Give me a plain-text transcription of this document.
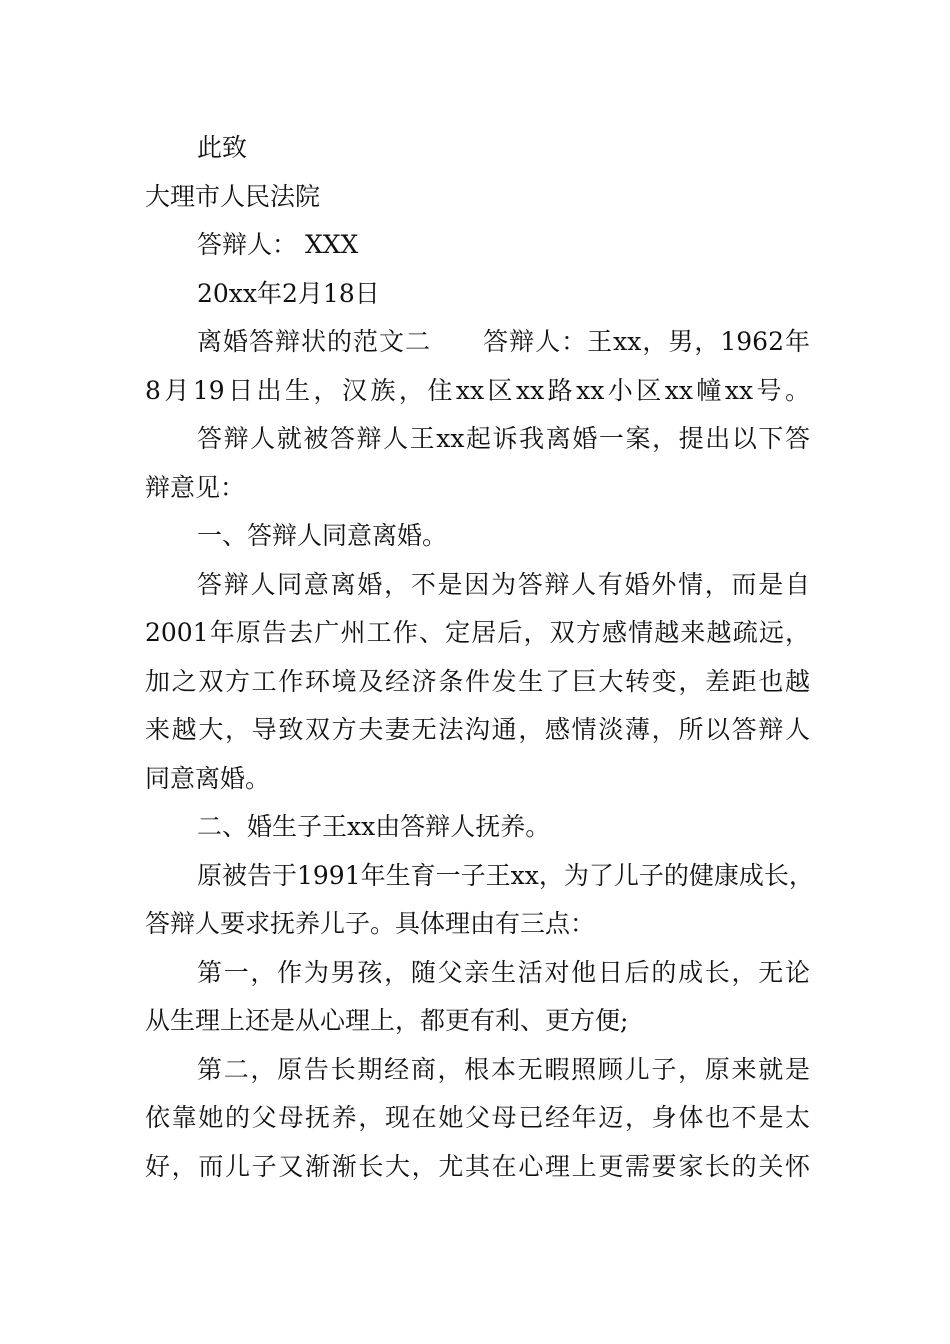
此致

大理市人民法院

答辩人： XXX

20xx年2月18日

离婚答辩状的范文二　　答辩人：王xx，男，1962年

8月19日出生，汉族，住xx区xx路xx小区xx幢xx号。

答辩人就被答辩人王xx起诉我离婚一案，提出以下答

辩意见：

一、答辩人同意离婚。

答辩人同意离婚，不是因为答辩人有婚外情，而是自

2001年原告去广州工作、定居后，双方感情越来越疏远，

加之双方工作环境及经济条件发生了巨大转变，差距也越

来越大，导致双方夫妻无法沟通，感情淡薄，所以答辩人

同意离婚。

二、婚生子王xx由答辩人抚养。

原被告于1991年生育一子王xx，为了儿子的健康成长，

答辩人要求抚养儿子。具体理由有三点：

第一，作为男孩，随父亲生活对他日后的成长，无论

从生理上还是从心理上，都更有利、更方便;

第二，原告长期经商，根本无暇照顾儿子，原来就是

依靠她的父母抚养，现在她父母已经年迈，身体也不是太

好，而儿子又渐渐长大，尤其在心理上更需要家长的关怀
